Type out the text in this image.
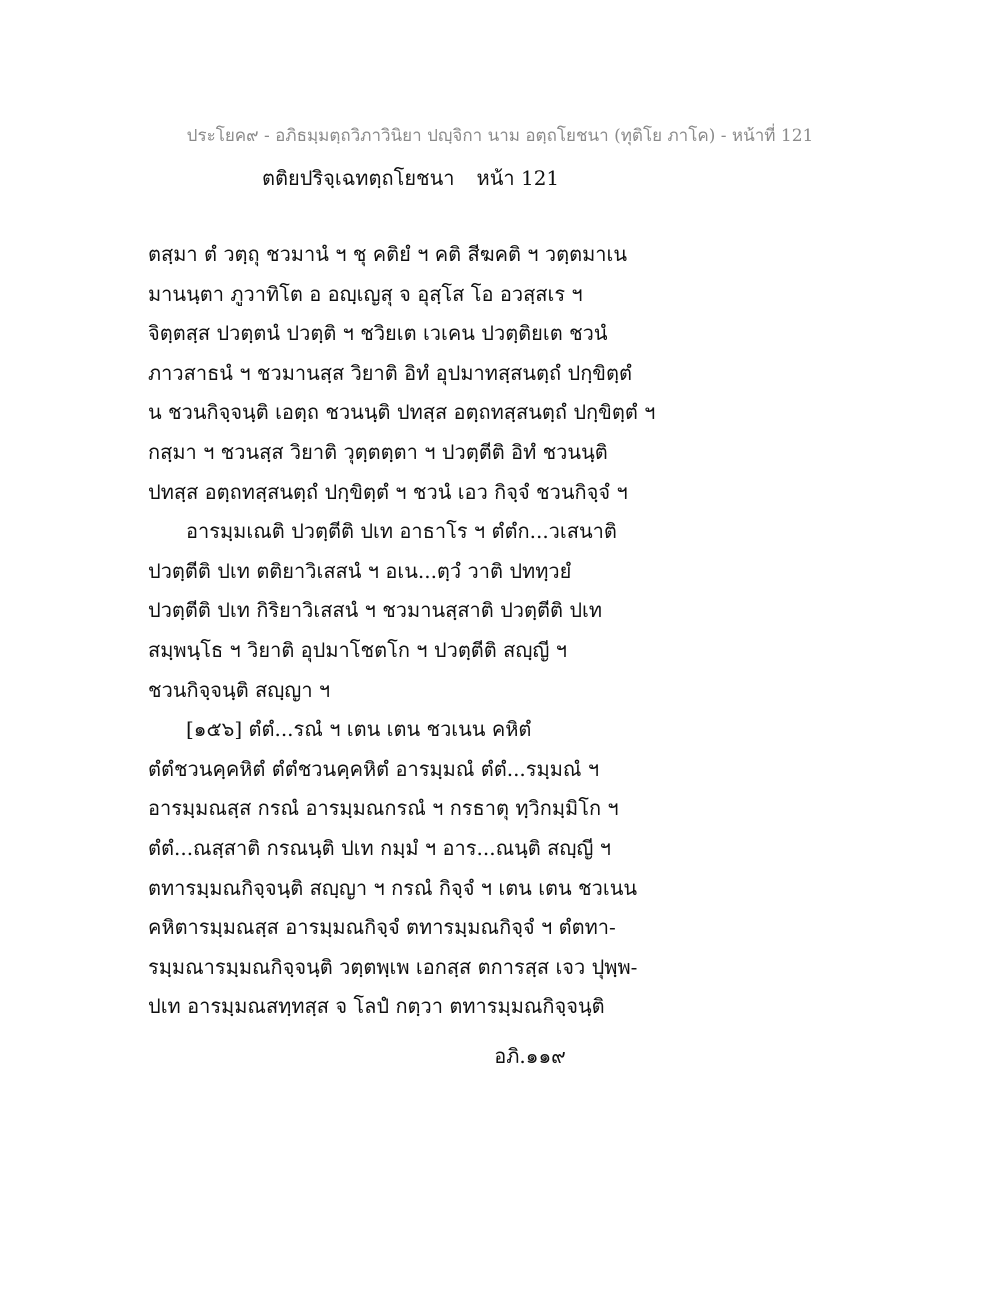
ประโยค๙ - อภิธมฺมตฺถวิภาวินิยา ปญฺจิกา นาม อตฺถโยชนา (ทุติโย ภาโค) - หน้าที่ 121
ตติยปริจฺเฉทตฺถโยชนา หน้า 121
ตสฺมา ตํ วตฺถุ ชวมานํ ฯ ชุ คติยํ ฯ คติ สีฆคติ ฯ วตฺตมาเน
มานนฺตา ภูวาทิโต อ อญฺเญสุ จ อุสฺโส โอ อวสฺสเร ฯ
จิตฺตสฺส ปวตฺตนํ ปวตฺติ ฯ ชวิยเต เวเคน ปวตฺติยเต ชวนํ
ภาวสาธนํ ฯ ชวมานสฺส วิยาติ อิทํ อุปมาทสฺสนตฺถํ ปกฺขิตฺตํ
น ชวนกิจฺจนฺติ เอตฺถ ชวนนฺติ ปทสฺส อตฺถทสฺสนตฺถํ ปกฺขิตฺตํ ฯ
กสฺมา ฯ ชวนสฺส วิยาติ วุตฺตตฺตา ฯ ปวตฺตีติ อิทํ ชวนนฺติ
ปทสฺส อตฺถทสฺสนตฺถํ ปกฺขิตฺตํ ฯ ชวนํ เอว กิจฺจํ ชวนกิจฺจํ ฯ
อารมฺมเณติ ปวตฺตีติ ปเท อาธาโร ฯ ตํตํก...วเสนาติ
ปวตฺตีติ ปเท ตติยาวิเสสนํ ฯ อเน...ตฺวํ วาติ ปททฺวยํ
ปวตฺตีติ ปเท กิริยาวิเสสนํ ฯ ชวมานสฺสาติ ปวตฺตีติ ปเท
สมฺพนฺโธ ฯ วิยาติ อุปมาโชตโก ฯ ปวตฺตีติ สญฺญี ฯ
ชวนกิจฺจนฺติ สญฺญา ฯ
[๑๕๖] ตํตํ...รณํ ฯ เตน เตน ชวเนน คหิตํ
ตํตํชวนคฺคหิตํ ตํตํชวนคฺคหิตํ อารมฺมณํ ตํตํ...รมฺมณํ ฯ
อารมฺมณสฺส กรณํ อารมฺมณกรณํ ฯ กรธาตุ ทฺวิกมฺมิโก ฯ
ตํตํ...ณสฺสาติ กรณนฺติ ปเท กมฺมํ ฯ อาร...ณนฺติ สญฺญี ฯ
ตทารมฺมณกิจฺจนฺติ สญฺญา ฯ กรณํ กิจฺจํ ฯ เตน เตน ชวเนน
คหิตารมฺมณสฺส อารมฺมณกิจฺจํ ตทารมฺมณกิจฺจํ ฯ ตํตทา-
รมฺมณารมฺมณกิจฺจนฺติ วตฺตพฺเพ เอกสฺส ตการสฺส เจว ปุพฺพ-
ปเท อารมฺมณสทฺทสฺส จ โลปํ กตฺวา ตทารมฺมณกิจฺจนฺติ
อภิ.๑๑๙
